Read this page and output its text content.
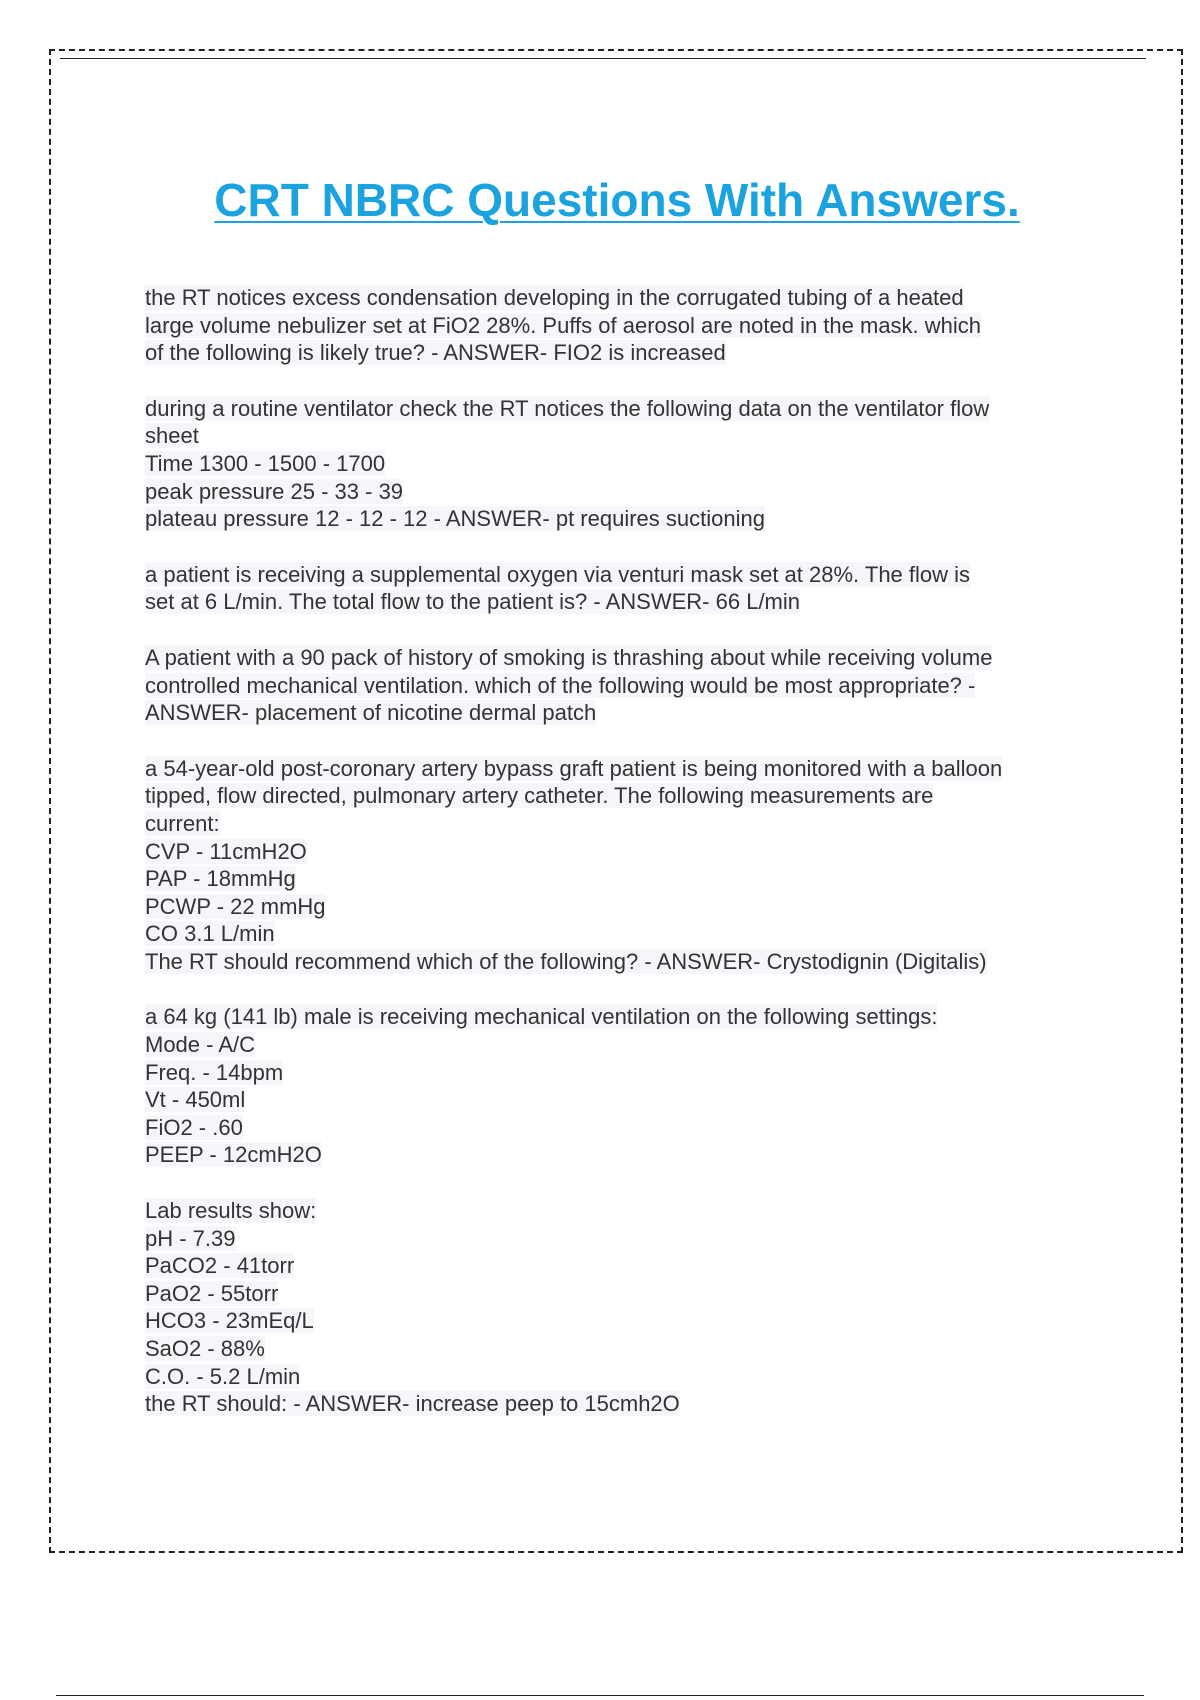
CRT NBRC Questions With Answers.
the RT notices excess condensation developing in the corrugated tubing of a heated
large volume nebulizer set at FiO2 28%. Puffs of aerosol are noted in the mask. which
of the following is likely true? - ANSWER- FIO2 is increased
during a routine ventilator check the RT notices the following data on the ventilator flow
sheet
Time 1300 - 1500 - 1700
peak pressure 25 - 33 - 39
plateau pressure 12 - 12 - 12 - ANSWER- pt requires suctioning
a patient is receiving a supplemental oxygen via venturi mask set at 28%. The flow is
set at 6 L/min. The total flow to the patient is? - ANSWER- 66 L/min
A patient with a 90 pack of history of smoking is thrashing about while receiving volume
controlled mechanical ventilation. which of the following would be most appropriate? -
ANSWER- placement of nicotine dermal patch
a 54-year-old post-coronary artery bypass graft patient is being monitored with a balloon
tipped, flow directed, pulmonary artery catheter. The following measurements are
current:
CVP - 11cmH2O
PAP - 18mmHg
PCWP - 22 mmHg
CO 3.1 L/min
The RT should recommend which of the following? - ANSWER- Crystodignin (Digitalis)
a 64 kg (141 lb) male is receiving mechanical ventilation on the following settings:
Mode - A/C
Freq. - 14bpm
Vt - 450ml
FiO2 - .60
PEEP - 12cmH2O
Lab results show:
pH - 7.39
PaCO2 - 41torr
PaO2 - 55torr
HCO3 - 23mEq/L
SaO2 - 88%
C.O. - 5.2 L/min
the RT should: - ANSWER- increase peep to 15cmh2O
